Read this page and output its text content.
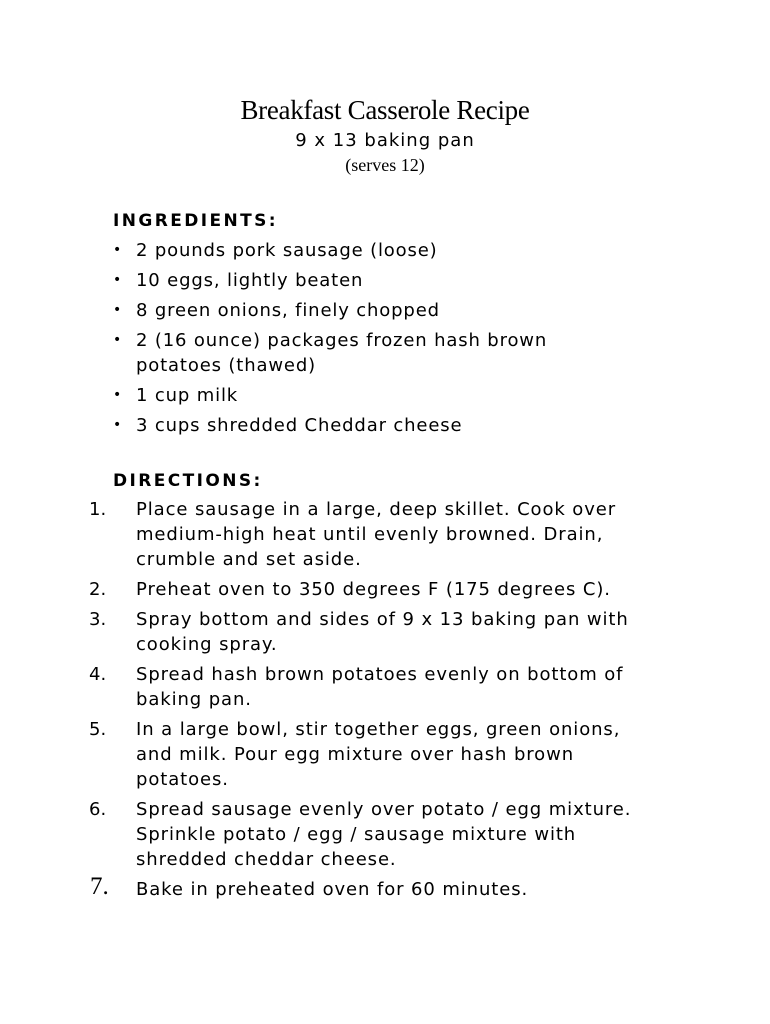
Breakfast Casserole Recipe
9 x 13 baking pan
(serves 12)
INGREDIENTS:
• 2 pounds pork sausage (loose)
• 10 eggs, lightly beaten
• 8 green onions, finely chopped
• 2 (16 ounce) packages frozen hash brown potatoes (thawed)
• 1 cup milk
• 3 cups shredded Cheddar cheese
DIRECTIONS:
1. Place sausage in a large, deep skillet. Cook over medium-high heat until evenly browned. Drain, crumble and set aside.
2. Preheat oven to 350 degrees F (175 degrees C).
3. Spray bottom and sides of 9 x 13 baking pan with cooking spray.
4. Spread hash brown potatoes evenly on bottom of baking pan.
5. In a large bowl, stir together eggs, green onions, and milk. Pour egg mixture over hash brown potatoes.
6. Spread sausage evenly over potato / egg mixture. Sprinkle potato / egg / sausage mixture with shredded cheddar cheese.
7. Bake in preheated oven for 60 minutes.
